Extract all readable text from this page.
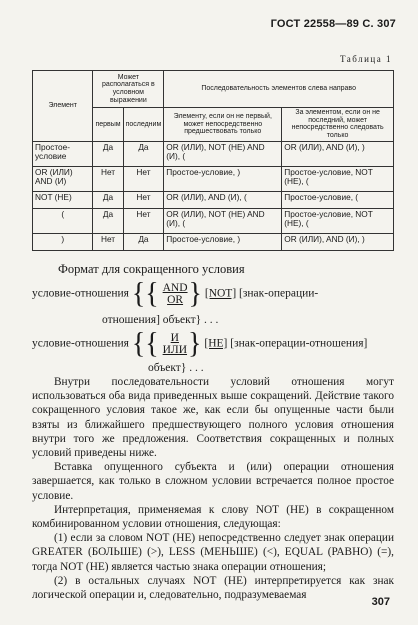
ГОСТ 22558—89 С. 307
Таблица 1
Элемент	Может располагаться в условном выражении		Последовательность элементов слева направо	
	первым	последним	Элементу, если он не первый, может непосредственно предшествовать только	За элементом, если он не последний, может непосредственно следовать только
Простое-условие	Да	Да	OR (ИЛИ), NOT (НЕ) AND (И), (	OR (ИЛИ), AND (И), )
OR (ИЛИ) AND (И)	Нет	Нет	Простое-условие, )	Простое-условие, NOT (НЕ), (
NOT (НЕ)	Да	Нет	OR (ИЛИ), AND (И), (	Простое-условие, (
(	Да	Нет	OR (ИЛИ), NOT (НЕ) AND (И), (	Простое-условие, NOT (НЕ), (
)	Нет	Да	Простое-условие, )	OR (ИЛИ), AND (И), )
Формат для сокращенного условия
условие-отношения {{ AND
OR } [NOT] [знак-операции-
отношения] объект} . . .
условие-отношения {{	И
ИЛИ } [НЕ] [знак-операции-отношения]
объект} . . .

Внутри последовательности условий отношения могут использоваться оба вида приведенных выше сокращений. Действие такого сокращенного условия такое же, как если бы опущенные части были взяты из ближайшего предшествующего полного условия отношения внутри того же предложения. Соответствия сокращенных и полных условий приведены ниже.

Вставка опущенного субъекта и (или) операции отношения завершается, как только в сложном условии встречается полное простое условие.

Интерпретация, применяемая к слову NOT (НЕ) в сокращенном комбинированном условии отношения, следующая:

(1) если за словом NOT (НЕ) непосредственно следует знак операции GREATER (БОЛЬШЕ) (>), LESS (МЕНЬШЕ) (<), EQUAL (РАВНО) (=), тогда NOT (НЕ) является частью знака операции отношения;

(2) в остальных случаях NOT (НЕ) интерпретируется как знак логической операции и, следовательно, подразумеваемая

307
